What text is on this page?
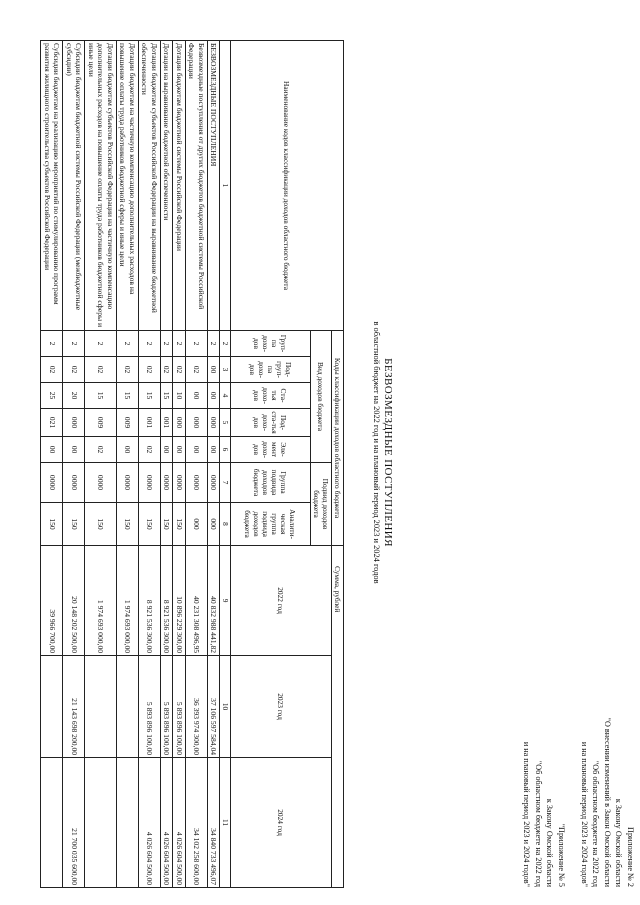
Приложение № 2
к Закону Омской области
"О внесении изменений в Закон Омской области
"Об областном бюджете на 2022 год
и на плановый период 2023 и 2024 годов"
"Приложение № 5
к Закону Омской области
"Об областном бюджете на 2022 год
и на плановый период 2023 и 2024 годов"
БЕЗВОЗМЕЗДНЫЕ ПОСТУПЛЕНИЯ
в областной бюджет на 2022 год и на плановый период 2023 и 2024 годов
Наименование кодов классификации доходов областного бюджета	Коды классификации доходов областного бюджета							Сумма, рублей		
	Вид доходов бюджета					Подвид доходов бюджета		2022 год	2023 год	2024 год
	Груп-па дохо-дов	Под-груп-па дохо-дов	Ста-тья дохо-дов	Под-ста-тья дохо-дов	Эле-мент дохо-дов	Группа подвида доходов бюджета	Аналити-ческая группа подвида доходов бюджета			
1	2	3	4	5	6	7	8	9	10	11
БЕЗВОЗМЕЗДНЫЕ ПОСТУПЛЕНИЯ	2	00	00	000	00	0000	000	40 832 988 441,82	37 106 597 584,04	34 840 733 496,07
Безвозмездные поступления от других бюджетов бюджетной системы Российской Федерации	2	02	00	000	00	0000	000	40 231 308 496,95	36 393 974 300,00	34 102 258 600,00
Дотации бюджетам бюджетной системы Российской Федерации	2	02	10	000	00	0000	150	10 896 229 300,00	5 893 896 100,00	4 026 604 500,00
Дотации на выравнивание бюджетной обеспеченности	2	02	15	001	00	0000	150	8 921 536 300,00	5 893 896 100,00	4 026 604 500,00
Дотации бюджетам субъектов Российской Федерации на выравнивание бюджетной обеспеченности	2	02	15	001	02	0000	150	8 921 536 300,00	5 893 896 100,00	4 026 604 500,00
Дотации бюджетам на частичную компенсацию дополнительных расходов на повышение оплаты труда работников бюджетной сферы и иные цели	2	02	15	009	00	0000	150	1 974 693 000,00		
Дотации бюджетам субъектов Российской Федерации на частичную компенсацию дополнительных расходов на повышение оплаты труда работников бюджетной сферы и иные цели	2	02	15	009	02	0000	150	1 974 693 000,00		
Субсидии бюджетам бюджетной системы Российской Федерации (межбюджетные субсидии)	2	02	20	000	00	0000	150	20 148 202 500,00	21 143 698 200,00	21 700 035 600,00
Субсидии бюджетам на реализацию мероприятий по стимулированию программ развития жилищного строительства субъектов Российской Федерации	2	02	25	021	00	0000	150	39 966 700,00		
